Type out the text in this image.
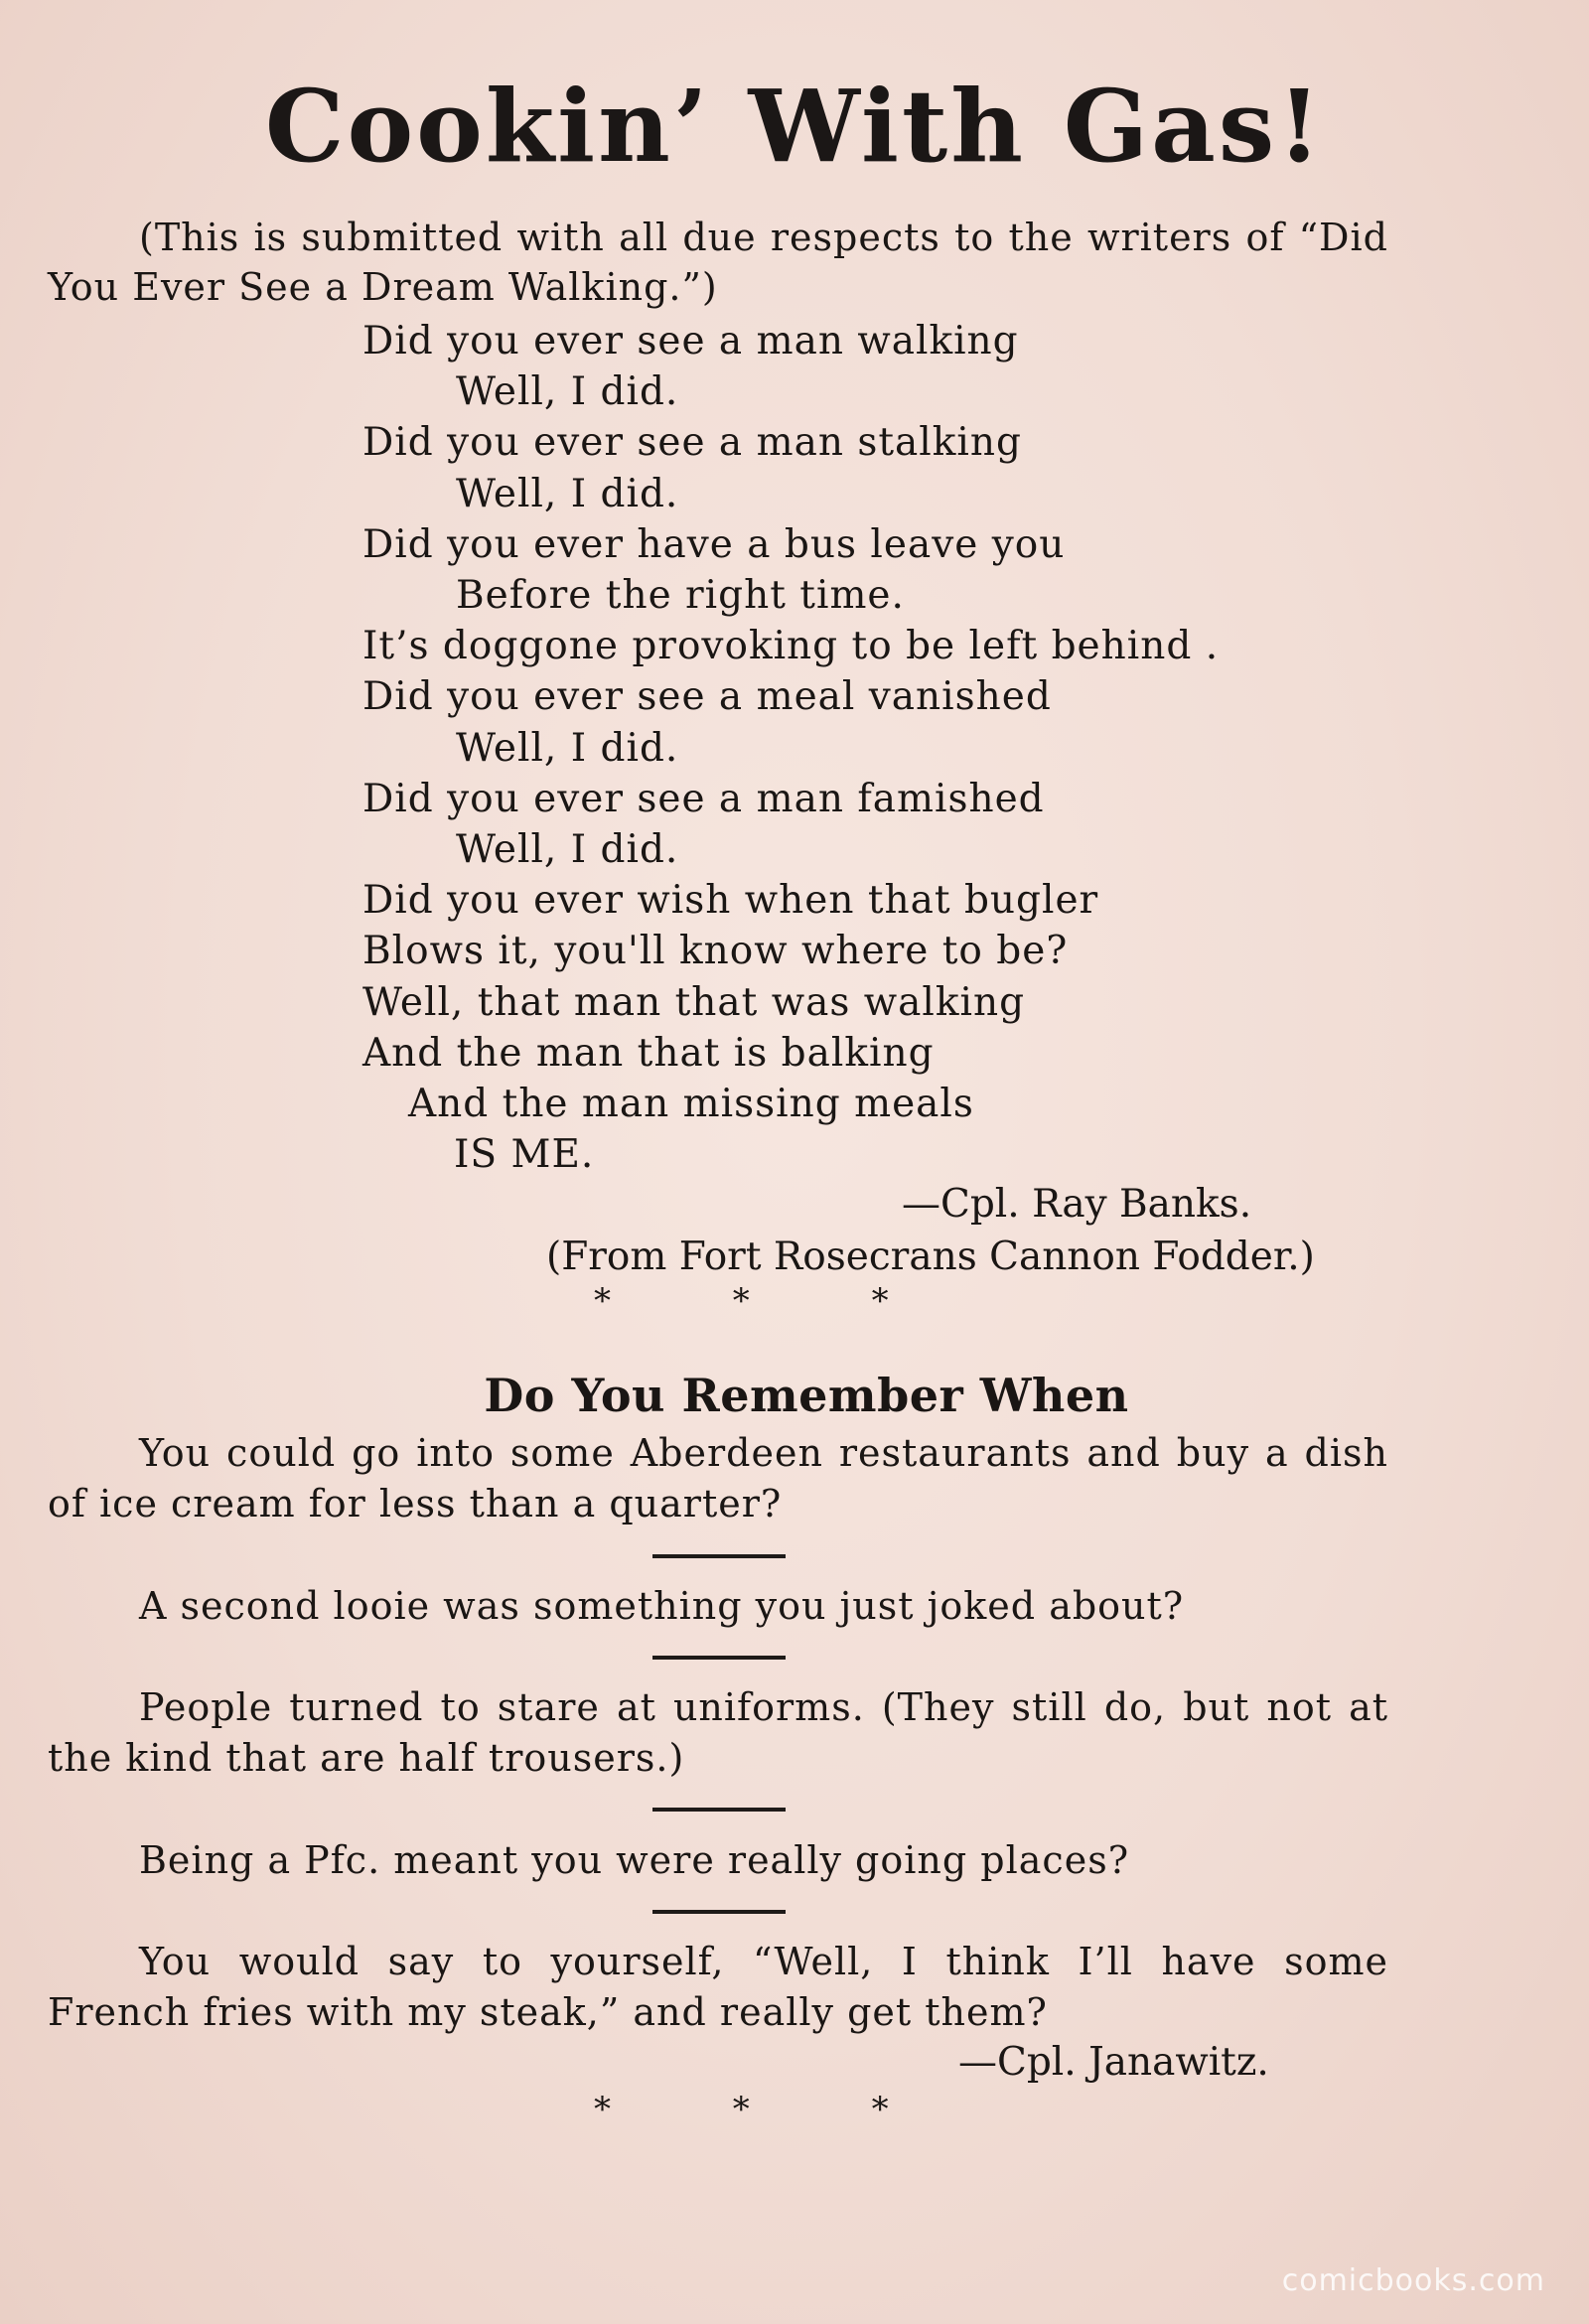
Cookin’ With Gas!
(This is submitted with all due respects to the writers of “Did You Ever See a Dream Walking.”)
Did you ever see a man walking
Well, I did.
Did you ever see a man stalking
Well, I did.
Did you ever have a bus leave you
Before the right time.
It’s doggone provoking to be left behind .
Did you ever see a meal vanished
Well, I did.
Did you ever see a man famished
Well, I did.
Did you ever wish when that bugler
Blows it, you'll know where to be?
Well, that man that was walking
And the man that is balking
And the man missing meals
IS ME.
—Cpl. Ray Banks.
(From Fort Rosecrans Cannon Fodder.)
* * *
Do You Remember When
You could go into some Aberdeen restaurants and buy a dish of ice cream for less than a quarter?
A second looie was something you just joked about?
People turned to stare at uniforms. (They still do, but not at the kind that are half trousers.)
Being a Pfc. meant you were really going places?
You would say to yourself, “Well, I think I’ll have some French fries with my steak,” and really get them?
—Cpl. Janawitz.
* * *
comicbooks.com
